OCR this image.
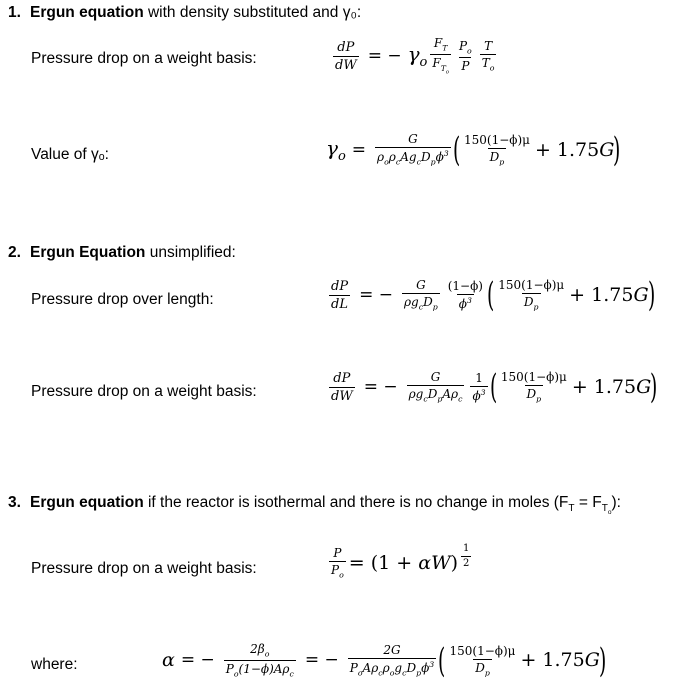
1. Ergun equation with density substituted and γ₀:
Pressure drop on a weight basis:	$\frac{dP}{dW}$ = − $\gamma_o \frac{F_T}{F_{T_o}} \frac{P_o}{P} \frac{T}{T_o}$
Value of γₒ:	$\gamma_o = \frac{G}{\rho_o\rho_cAg_cD_p\phi^3}$ ( $\frac{150(1-\phi)\mu}{D_p} + 1.75G$
)
2. Ergun Equation unsimplified:
Pressure drop over length:	$\frac{dP}{dL}$ = − $\frac{G}{\rho g_cD_p} \frac{(1-\phi)}{\phi^3}$ ( $\frac{150(1-\phi)\mu}{D_p} + 1.75G$
)
Pressure drop on a weight basis:	$\frac{dP}{dW}$ = − $\frac{G}{\rho g_cD_pA\rho_c} \frac{1}{\phi^3}$ ( $\frac{150(1-\phi)\mu}{D_p} + 1.75G$
)
3. Ergun equation if the reactor is isothermal and there is no change in moles $(F_T = F_{T_o})$:
Pressure drop on a weight basis:	$\frac{P}{P_o} = (1 + \alpha W) \frac{1}{2}$
where:	α = − $\frac{2\beta_o}{P_o(1-\phi)A\rho_c}$ = − $\frac{2G}{P_oA\rho_c\rho_og_cD_p\phi^3}$ ( $\frac{150(1-\phi)\mu}{D_p} + 1.75G$
)
